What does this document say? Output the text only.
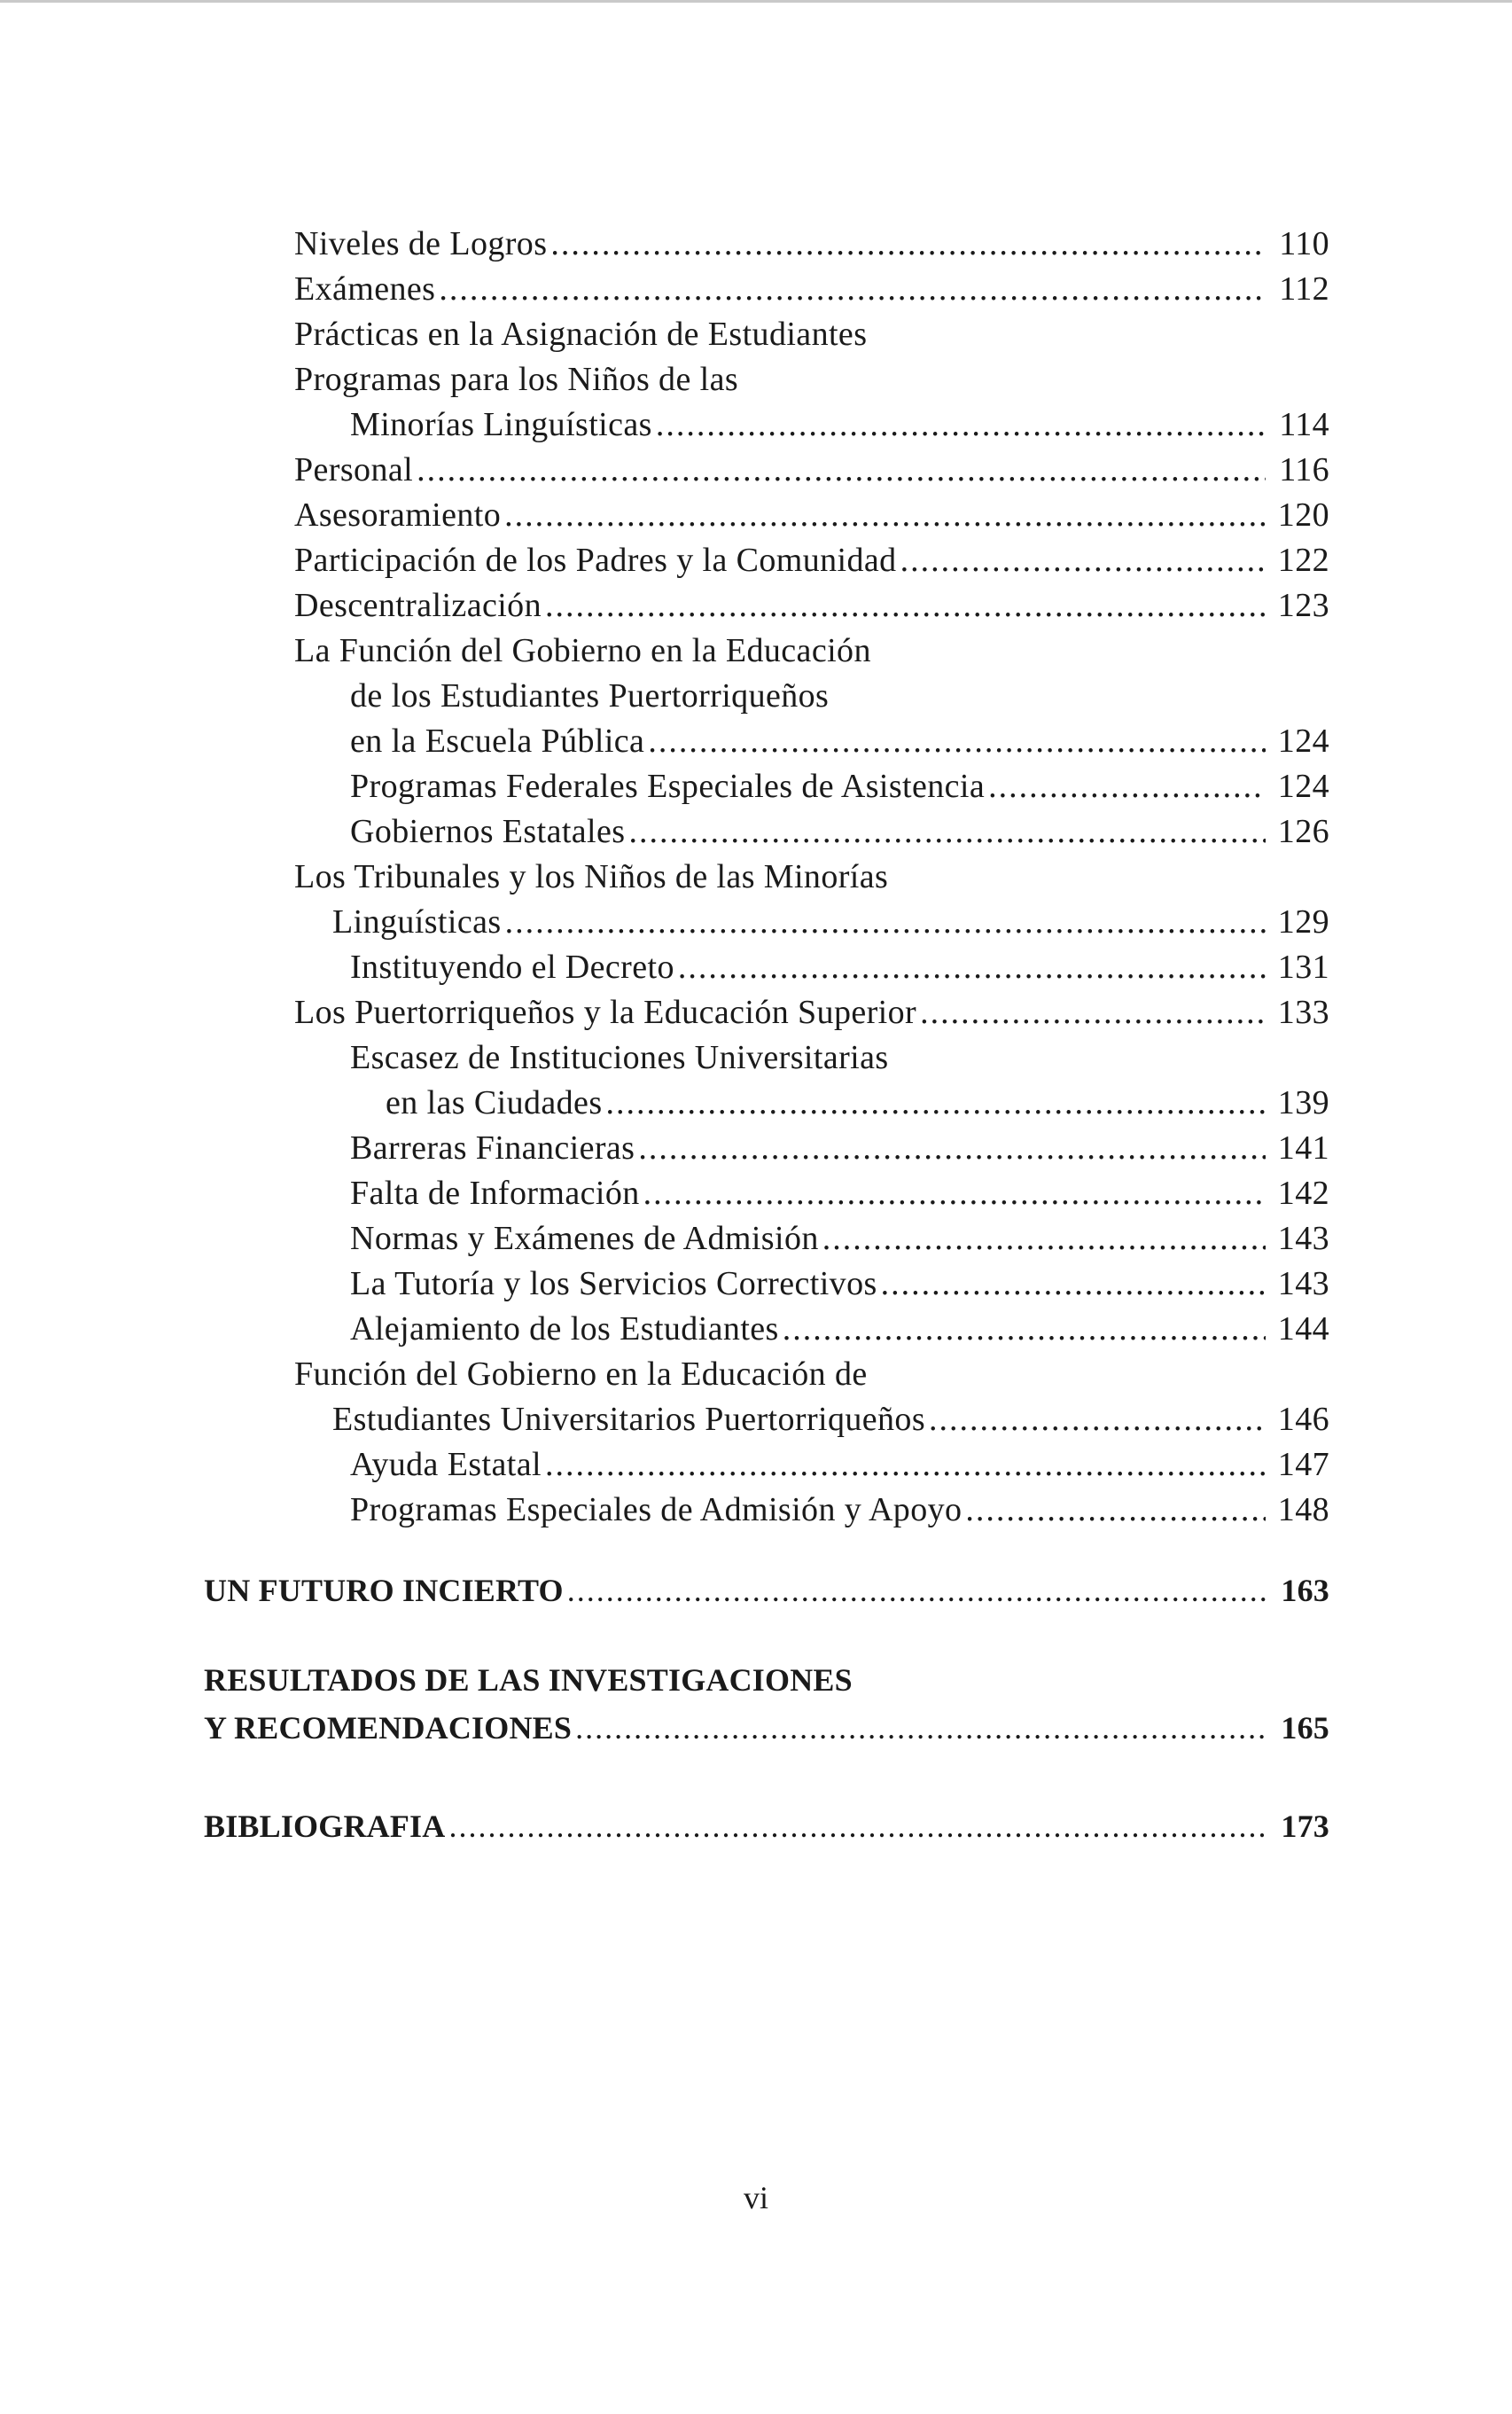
Niveles de Logros .....	110
Exámenes .....	112
Prácticas en la Asignación de Estudiantes
Programas para los Niños de las
Minorías Linguísticas .....	114
Personal .....	116
Asesoramiento .....	120
Participación de los Padres y la Comunidad .....	122
Descentralización .....	123
La Función del Gobierno en la Educación
de los Estudiantes Puertorriqueños
en la Escuela Pública .....	124
Programas Federales Especiales de Asistencia .....	124
Gobiernos Estatales .....	126
Los Tribunales y los Niños de las Minorías
Linguísticas .....	129
Instituyendo el Decreto .....	131
Los Puertorriqueños y la Educación Superior .....	133
Escasez de Instituciones Universitarias
en las Ciudades .....	139
Barreras Financieras .....	141
Falta de Información .....	142
Normas y Exámenes de Admisión .....	143
La Tutoría y los Servicios Correctivos .....	143
Alejamiento de los Estudiantes .....	144
Función del Gobierno en la Educación de
Estudiantes Universitarios Puertorriqueños .....	146
Ayuda Estatal .....	147
Programas Especiales de Admisión y Apoyo .....	148
UN FUTURO INCIERTO .....	163
RESULTADOS DE LAS INVESTIGACIONES
Y RECOMENDACIONES .....	165
BIBLIOGRAFIA .....	173
vi
